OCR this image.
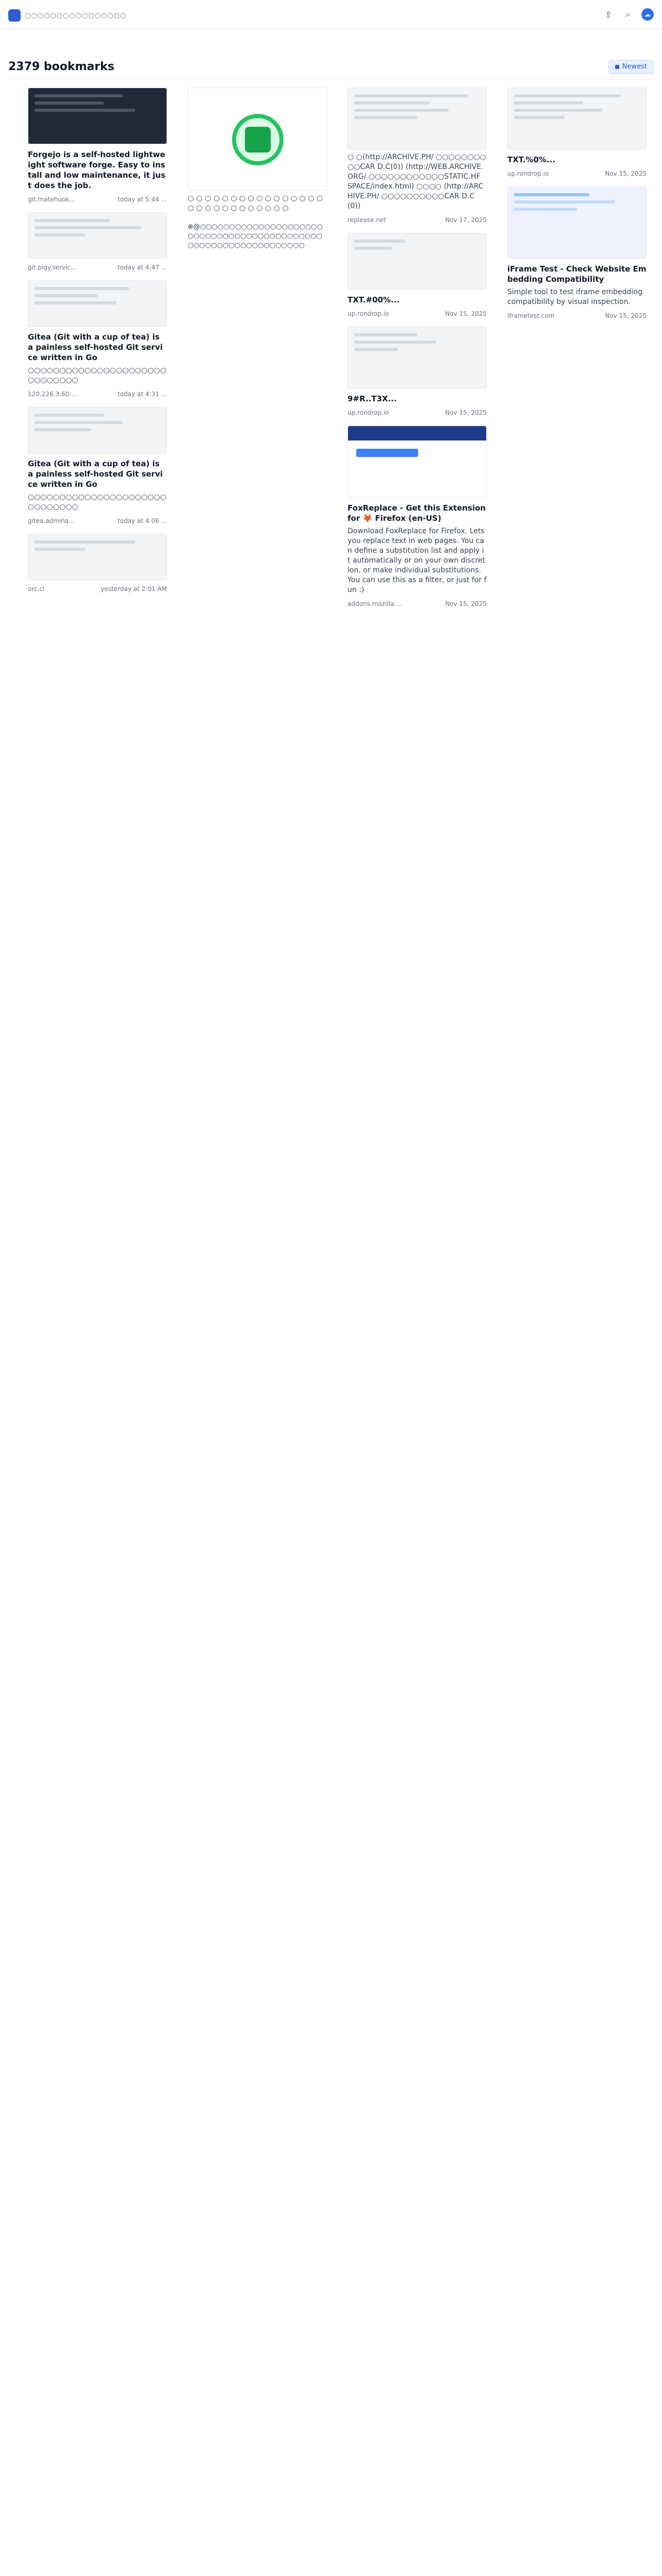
○○○○○○○○○○○○○○○○	⇪	⌕	☁
2379 bookmarks	Newest
Forgejo is a self-hosted lightweight software forge. Easy to install and low maintenance, it just does the job.
git.matehuok...	today at 5:44 ...
git.pigy.servic...	today at 4:47 ...
Gitea (Git with a cup of tea) is a painless self-hosted Git service written in Go
○○○○○○○○○○○○○○○○○○○○○○○○○○○○○○
120.226.3.60:...	today at 4:31 ...
Gitea (Git with a cup of tea) is a painless self-hosted Git service written in Go
○○○○○○○○○○○○○○○○○○○○○○○○○○○○○○
gitea.admina...	today at 4:06 ...
orc.cl	yesterday at 2:01 AM
○ ○ ○ ○ ○ ○ ○ ○ ○ ○ ○ ○ ○ ○ ○ ○ ○ ○ ○ ○ ○ ○ ○ ○ ○ ○ ○ ○
⊕@○○○○○○○○○○○○○○○○○○○○○○○○○○○○○○○○○○○○○○○○○○○○○○○○○○○○○○○○○○○○○○○○
○ ○(http://ARCHIVE.PH/ ○○○○○○○○○○CAR D.C(0)) (http://WEB.ARCHIVE.ORG/ ○○○○○○○○○○○○STATIC.HF SPACE/index.html) ○○○○ (http://ARCHIVE.PH/ ○○○○○○○○○○CAR D.C(0))
replease.net	Nov 17, 2025
TXT.#00%...
up.rondrop.io	Nov 15, 2025
9#R..T3X...
up.rondrop.io	Nov 15, 2025
FoxReplace - Get this Extension for 🦊 Firefox (en-US)
Download FoxReplace for Firefox. Lets you replace text in web pages. You can define a substitution list and apply it automatically or on your own discretion, or make individual substitutions. You can use this as a filter, or just for fun :)
addons.mozilla....	Nov 15, 2025
TXT.%0%...
up.rondrop.io	Nov 15, 2025
iFrame Test - Check Website Embedding Compatibility
Simple tool to test iframe embedding compatibility by visual inspection.
iframetest.com	Nov 15, 2025
